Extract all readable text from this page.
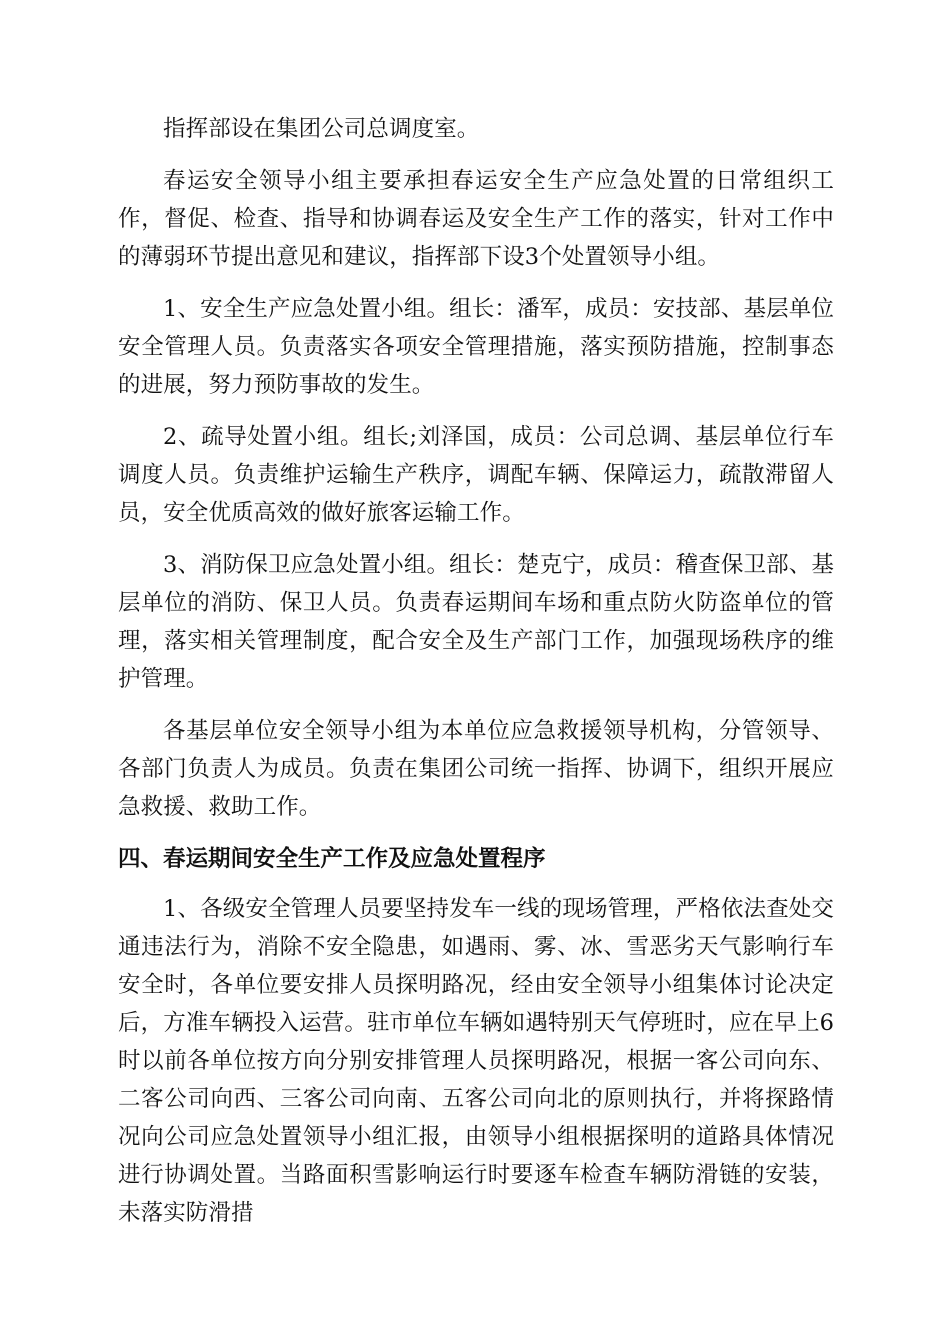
指挥部设在集团公司总调度室。

春运安全领导小组主要承担春运安全生产应急处置的日常组织工作，督促、检查、指导和协调春运及安全生产工作的落实，针对工作中的薄弱环节提出意见和建议，指挥部下设3个处置领导小组。

1、安全生产应急处置小组。组长：潘军，成员：安技部、基层单位安全管理人员。负责落实各项安全管理措施，落实预防措施，控制事态的进展，努力预防事故的发生。

2、疏导处置小组。组长;刘泽国，成员：公司总调、基层单位行车调度人员。负责维护运输生产秩序，调配车辆、保障运力，疏散滞留人员，安全优质高效的做好旅客运输工作。

3、消防保卫应急处置小组。组长：楚克宁，成员：稽查保卫部、基层单位的消防、保卫人员。负责春运期间车场和重点防火防盗单位的管理，落实相关管理制度，配合安全及生产部门工作，加强现场秩序的维护管理。

各基层单位安全领导小组为本单位应急救援领导机构，分管领导、各部门负责人为成员。负责在集团公司统一指挥、协调下，组织开展应急救援、救助工作。

四、春运期间安全生产工作及应急处置程序

1、各级安全管理人员要坚持发车一线的现场管理，严格依法查处交通违法行为，消除不安全隐患，如遇雨、雾、冰、雪恶劣天气影响行车安全时，各单位要安排人员探明路况，经由安全领导小组集体讨论决定后，方准车辆投入运营。驻市单位车辆如遇特别天气停班时，应在早上6时以前各单位按方向分别安排管理人员探明路况，根据一客公司向东、二客公司向西、三客公司向南、五客公司向北的原则执行，并将探路情况向公司应急处置领导小组汇报，由领导小组根据探明的道路具体情况进行协调处置。当路面积雪影响运行时要逐车检查车辆防滑链的安装，未落实防滑措
